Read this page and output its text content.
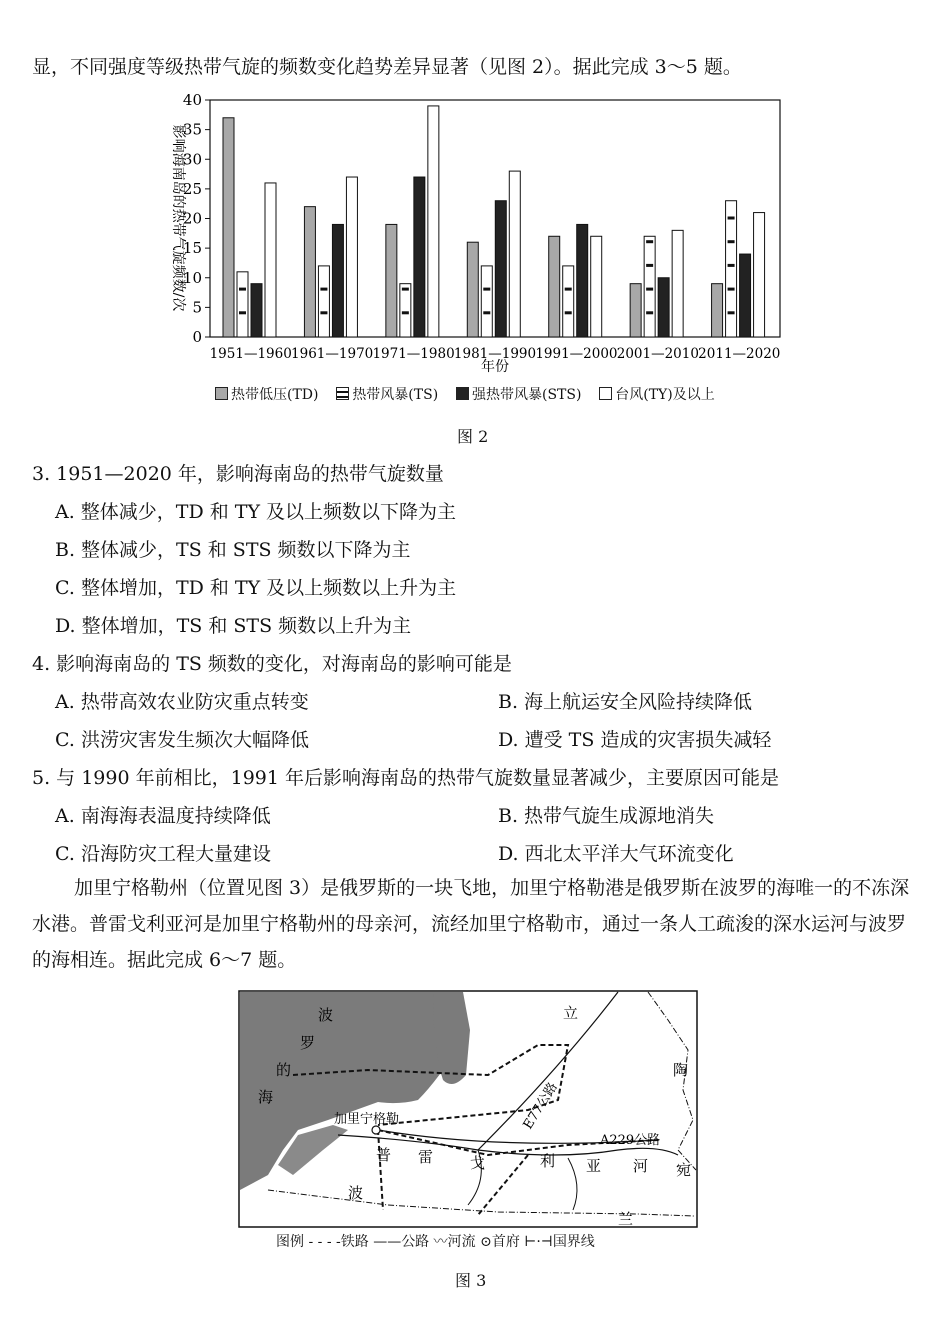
显，不同强度等级热带气旋的频数变化趋势差异显著（见图 2）。据此完成 3～5 题。
0
5
10
15
20
25
30
35
40
1951—1960 1961—1970 1971—1980 1981—1990 1991—2000 2001—2010 2011—2020
影响海南岛的热带气旋频数/次
年份
热带低压(TD) 热带风暴(TS) 强热带风暴(STS) 台风(TY)及以上
图 2
3. 1951—2020 年，影响海南岛的热带气旋数量
A. 整体减少，TD 和 TY 及以上频数以下降为主
B. 整体减少，TS 和 STS 频数以下降为主
C. 整体增加，TD 和 TY 及以上频数以上升为主
D. 整体增加，TS 和 STS 频数以上升为主
4. 影响海南岛的 TS 频数的变化，对海南岛的影响可能是
A. 热带高效农业防灾重点转变	B. 海上航运安全风险持续降低
C. 洪涝灾害发生频次大幅降低	D. 遭受 TS 造成的灾害损失减轻
5. 与 1990 年前相比，1991 年后影响海南岛的热带气旋数量显著减少，主要原因可能是
A. 南海海表温度持续降低	B. 热带气旋生成源地消失
C. 沿海防灾工程大量建设	D. 西北太平洋大气环流变化
加里宁格勒州（位置见图 3）是俄罗斯的一块飞地，加里宁格勒港是俄罗斯在波罗的海唯一的不冻深水港。普雷戈利亚河是加里宁格勒州的母亲河，流经加里宁格勒市，通过一条人工疏浚的深水运河与波罗的海相连。据此完成 6～7 题。
波
罗
的
海
立
陶
宛
波
兰
普 雷 戈	利 亚 河
加里宁格勒	E77公路
A229公路
图例 - - - -铁路 ——公路 〰河流 ⊙首府 ⊢·⊣国界线
图 3
